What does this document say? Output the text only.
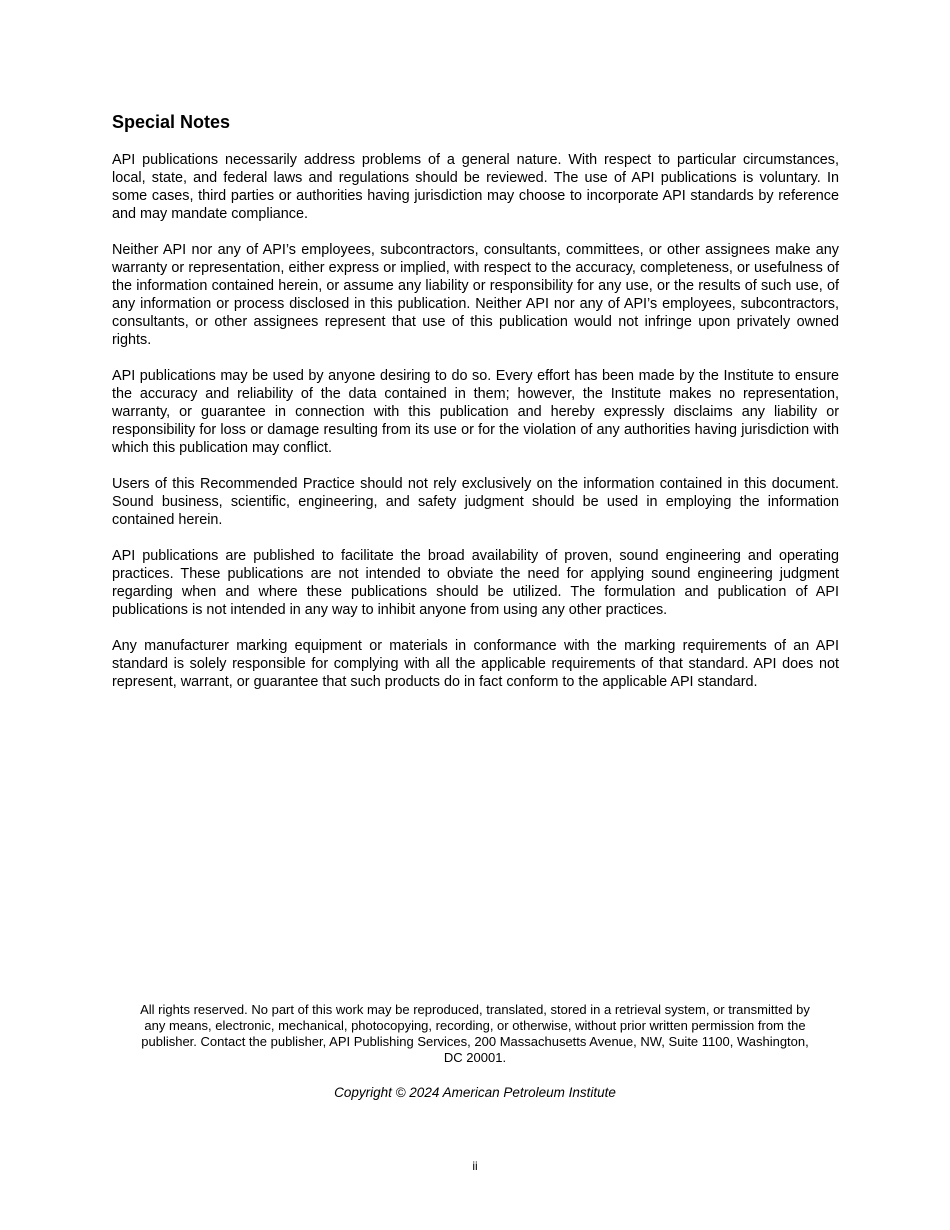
Special Notes

API publications necessarily address problems of a general nature. With respect to particular circumstances, local, state, and federal laws and regulations should be reviewed. The use of API publications is voluntary. In some cases, third parties or authorities having jurisdiction may choose to incorporate API standards by reference and may mandate compliance.

Neither API nor any of API’s employees, subcontractors, consultants, committees, or other assignees make any warranty or representation, either express or implied, with respect to the accuracy, completeness, or usefulness of the information contained herein, or assume any liability or responsibility for any use, or the results of such use, of any information or process disclosed in this publication. Neither API nor any of API’s employees, subcontractors, consultants, or other assignees represent that use of this publication would not infringe upon privately owned rights.

API publications may be used by anyone desiring to do so. Every effort has been made by the Institute to ensure the accuracy and reliability of the data contained in them; however, the Institute makes no representation, warranty, or guarantee in connection with this publication and hereby expressly disclaims any liability or responsibility for loss or damage resulting from its use or for the violation of any authorities having jurisdiction with which this publication may conflict.

Users of this Recommended Practice should not rely exclusively on the information contained in this document. Sound business, scientific, engineering, and safety judgment should be used in employing the information contained herein.

API publications are published to facilitate the broad availability of proven, sound engineering and operating practices. These publications are not intended to obviate the need for applying sound engineering judgment regarding when and where these publications should be utilized. The formulation and publication of API publications is not intended in any way to inhibit anyone from using any other practices.

Any manufacturer marking equipment or materials in conformance with the marking requirements of an API standard is solely responsible for complying with all the applicable requirements of that standard. API does not represent, warrant, or guarantee that such products do in fact conform to the applicable API standard.

All rights reserved. No part of this work may be reproduced, translated, stored in a retrieval system, or transmitted by any means, electronic, mechanical, photocopying, recording, or otherwise, without prior written permission from the publisher. Contact the publisher, API Publishing Services, 200 Massachusetts Avenue, NW, Suite 1100, Washington, DC 20001.

Copyright © 2024 American Petroleum Institute

ii
